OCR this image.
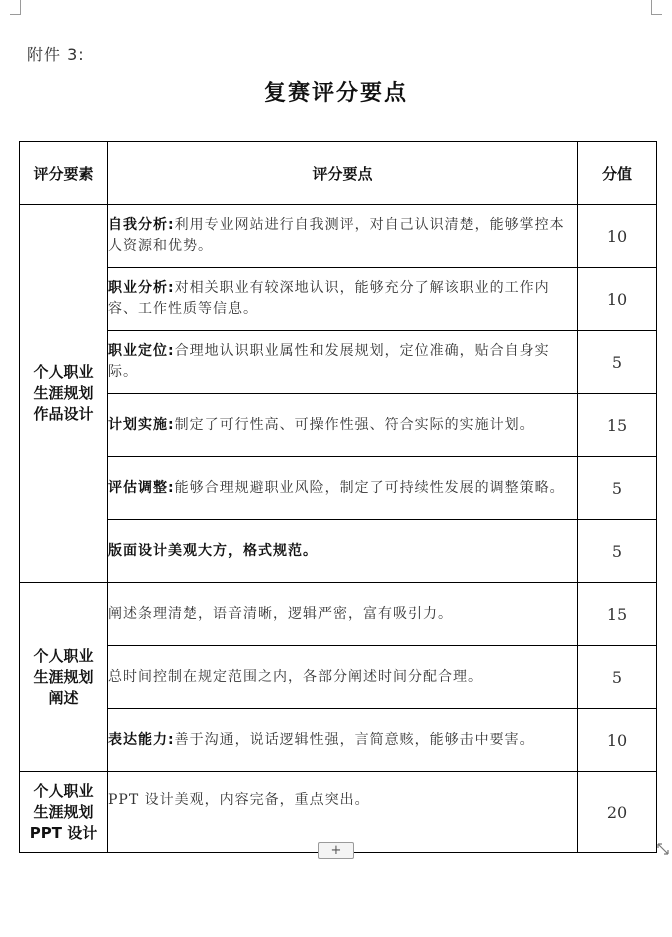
附件 3:
复赛评分要点
评分要素	评分要点	分值

个人职业
生涯规划
作品设计	自我分析:利用专业网站进行自我测评，对自己认识清楚，能够掌控本人资源和优势。	10
	职业分析:对相关职业有较深地认识，能够充分了解该职业的工作内容、工作性质等信息。	10
	职业定位:合理地认识职业属性和发展规划，定位准确，贴合自身实际。	5
	计划实施:制定了可行性高、可操作性强、符合实际的实施计划。	15
	评估调整:能够合理规避职业风险，制定了可持续性发展的调整策略。	5
	版面设计美观大方，格式规范。	5

个人职业
生涯规划
阐述	阐述条理清楚，语音清晰，逻辑严密，富有吸引力。	15
	总时间控制在规定范围之内，各部分阐述时间分配合理。	5
	表达能力:善于沟通，说话逻辑性强，言简意赅，能够击中要害。	10

个人职业
生涯规划
PPT 设计	PPT 设计美观，内容完备，重点突出。	20
+
